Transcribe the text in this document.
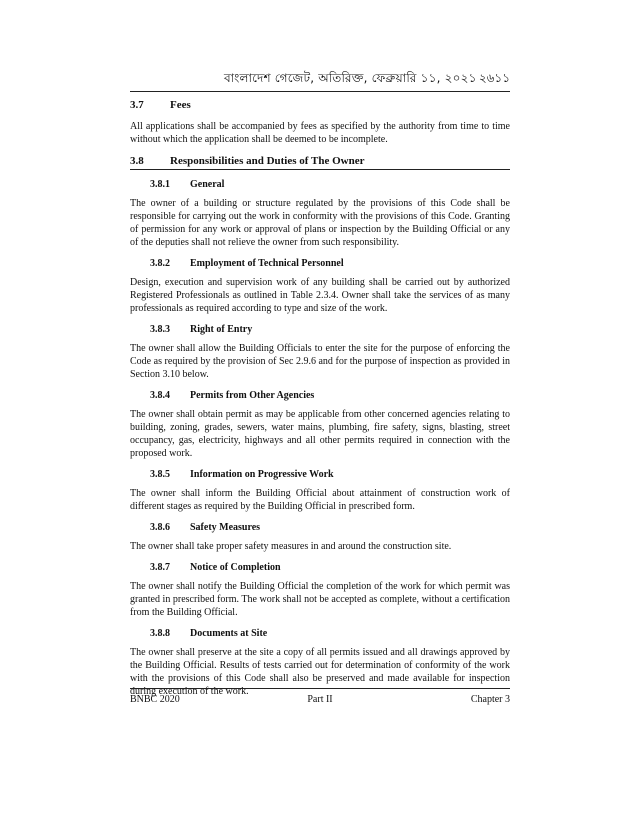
বাংলাদেশ গেজেট, অতিরিক্ত, ফেব্রুয়ারি ১১, ২০২১ ২৬১১
3.7	Fees

All applications shall be accompanied by fees as specified by the authority from time to time without which the application shall be deemed to be incomplete.

3.8	Responsibilities and Duties of The Owner
3.8.1	General

The owner of a building or structure regulated by the provisions of this Code shall be responsible for carrying out the work in conformity with the provisions of this Code. Granting of permission for any work or approval of plans or inspection by the Building Official or any of the deputies shall not relieve the owner from such responsibility.

3.8.2	Employment of Technical Personnel

Design, execution and supervision work of any building shall be carried out by authorized Registered Professionals as outlined in Table 2.3.4. Owner shall take the services of as many professionals as required according to type and size of the work.

3.8.3	Right of Entry

The owner shall allow the Building Officials to enter the site for the purpose of enforcing the Code as required by the provision of Sec 2.9.6 and for the purpose of inspection as provided in Section 3.10 below.

3.8.4	Permits from Other Agencies

The owner shall obtain permit as may be applicable from other concerned agencies relating to building, zoning, grades, sewers, water mains, plumbing, fire safety, signs, blasting, street occupancy, gas, electricity, highways and all other permits required in connection with the proposed work.

3.8.5	Information on Progressive Work

The owner shall inform the Building Official about attainment of construction work of different stages as required by the Building Official in prescribed form.

3.8.6	Safety Measures

The owner shall take proper safety measures in and around the construction site.

3.8.7	Notice of Completion

The owner shall notify the Building Official the completion of the work for which permit was granted in prescribed form. The work shall not be accepted as complete, without a certification from the Building Official.

3.8.8	Documents at Site

The owner shall preserve at the site a copy of all permits issued and all drawings approved by the Building Official. Results of tests carried out for determination of conformity of the work with the provisions of this Code shall also be preserved and made available for inspection during execution of the work.

BNBC 2020	Part II	Chapter 3
